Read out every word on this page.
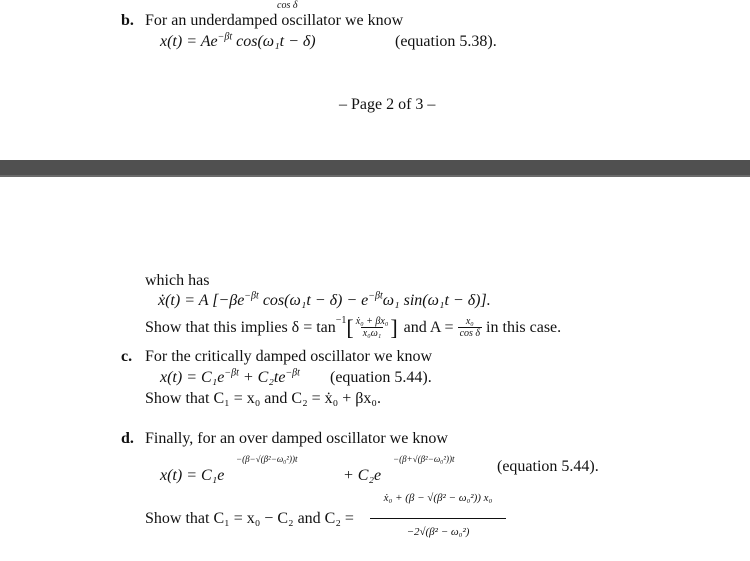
cos δ
b. For an underdamped oscillator we know
$x(t) = Ae^{-\beta t}$ cos(ω₁t − δ)	(equation 5.38).
– Page 2 of 3 –
which has
ẋ(t) = A [$-\beta e^{-\beta t}$ $\cos(\omega_1t - \delta) - e^{-\beta t}\omega_1$ sin(ω₁t − δ)].
Show that this implies $\delta = \tan^{-1}$ [ $\frac{\text{ẋ₀ + βx₀}}{\text{x₀ω₁}}$ ] and $A = \frac{\text{x₀}}{\text{cos δ}}$ in this case.
c. For the critically damped oscillator we know
$x(t) = C_1e^{-\beta t} + C_2te^{-\beta t}$ (equation 5.44).
Show that C₁ = x₀ and C₂ = ẋ₀ + βx₀.
d. Finally, for an over damped oscillator we know
x(t) = C₁e
−(β−√(β²−ω₀²))t
+ C₂e
−(β+√(β²−ω₀²))t	(equation 5.44).
Show that C₁ = x₀ − C₂ and C₂ =
ẋ₀ + (β − √(β² − ω₀²)) x₀
−2√(β² − ω₀²)
